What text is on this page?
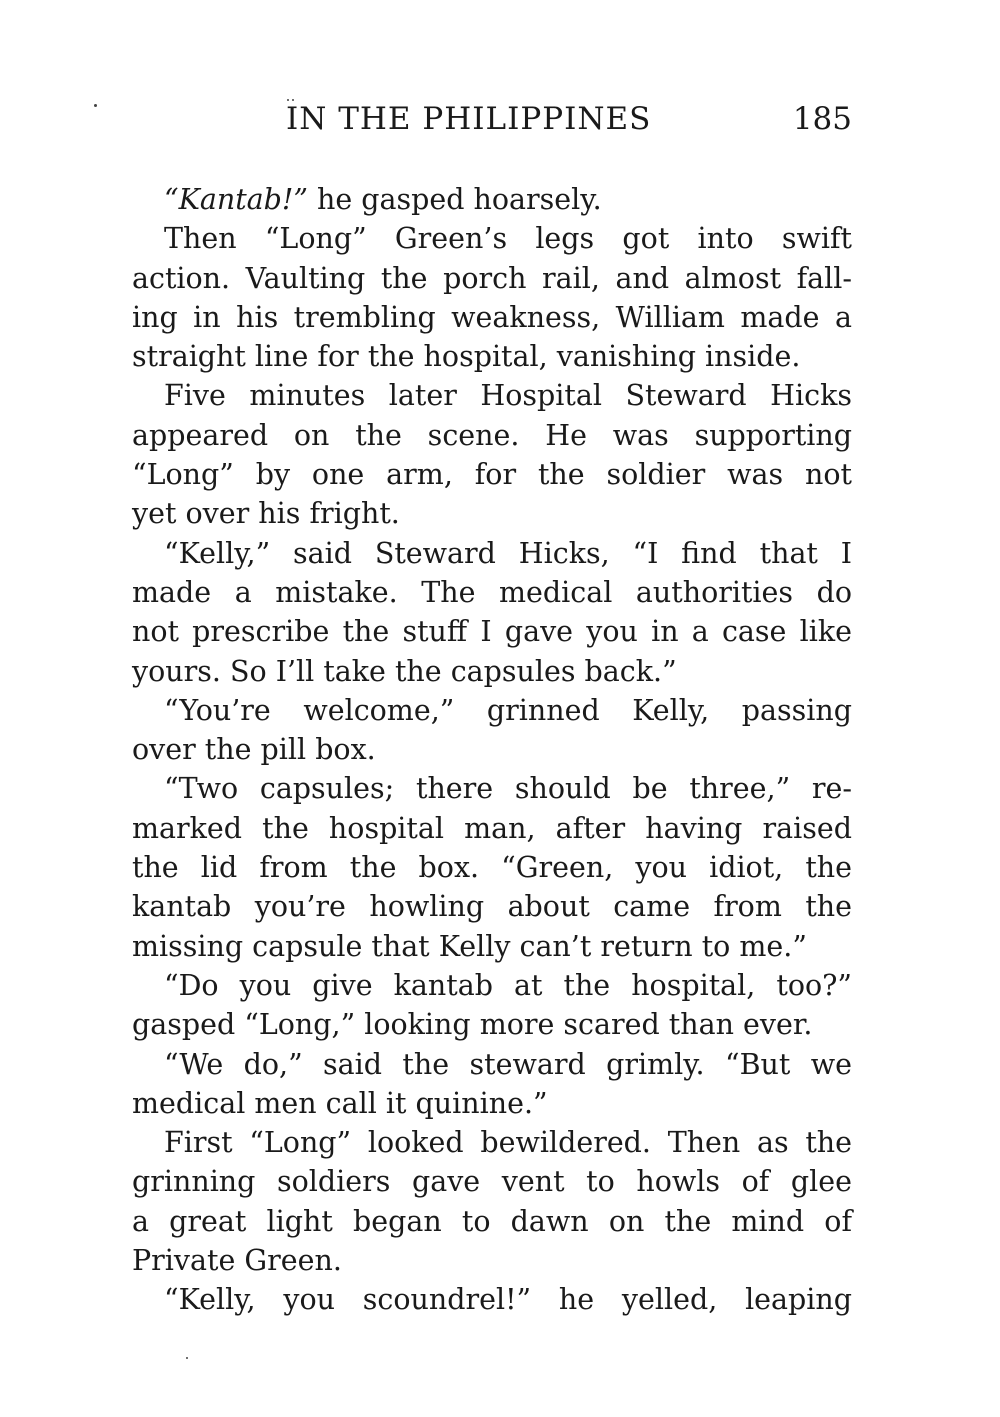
IN THE PHILIPPINES	185
“Kantab!” he gasped hoarsely.
Then “Long” Green’s legs got into swift
action. Vaulting the porch rail, and almost fall-
ing in his trembling weakness, William made a
straight line for the hospital, vanishing inside.
Five minutes later Hospital Steward Hicks
appeared on the scene. He was supporting
“Long” by one arm, for the soldier was not
yet over his fright.
“Kelly,” said Steward Hicks, “I find that I
made a mistake. The medical authorities do
not prescribe the stuff I gave you in a case like
yours. So I’ll take the capsules back.”
“You’re welcome,” grinned Kelly, passing
over the pill box.
“Two capsules; there should be three,” re-
marked the hospital man, after having raised
the lid from the box. “Green, you idiot, the
kantab you’re howling about came from the
missing capsule that Kelly can’t return to me.”
“Do you give kantab at the hospital, too?”
gasped “Long,” looking more scared than ever.
“We do,” said the steward grimly. “But we
medical men call it quinine.”
First “Long” looked bewildered. Then as the
grinning soldiers gave vent to howls of glee
a great light began to dawn on the mind of
Private Green.
“Kelly, you scoundrel!” he yelled, leaping
